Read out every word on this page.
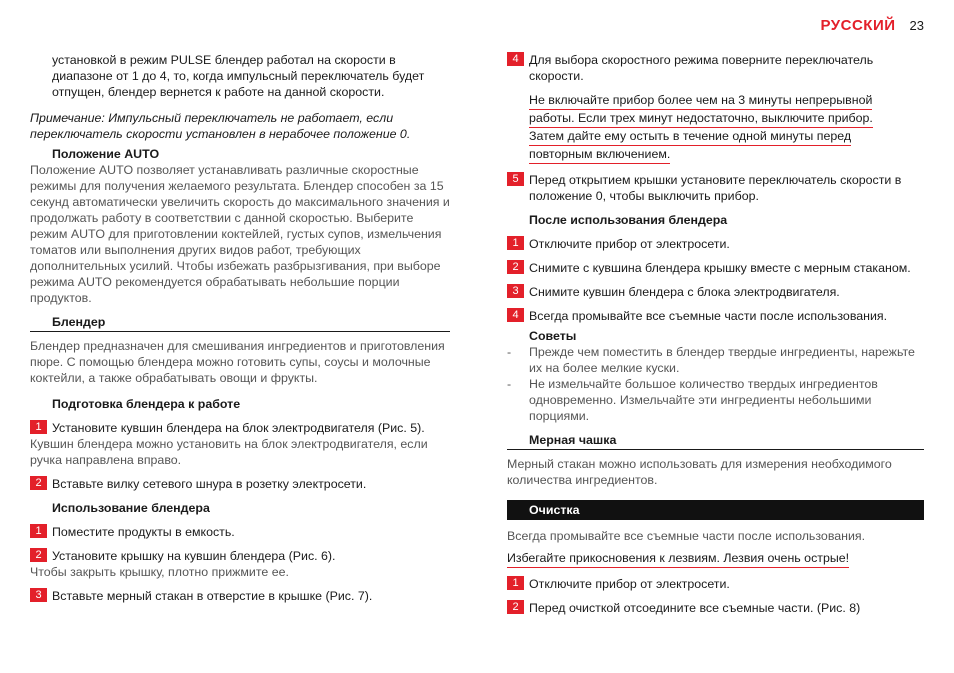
РУССКИЙ 23

установкой в режим PULSE блендер работал на скорости в диапазоне от 1 до 4, то, когда импульсный переключатель будет отпущен, блендер вернется к работе на данной скорости.

Примечание: Импульсный переключатель не работает, если переключатель скорости установлен в нерабочее положение 0.

Положение AUTO

Положение AUTO позволяет устанавливать различные скоростные режимы для получения желаемого результата. Блендер способен за 15 секунд автоматически увеличить скорость до максимального значения и продолжать работу в соответствии с данной скоростью. Выберите режим AUTO для приготовлении коктейлей, густых супов, измельчения томатов или выполнения других видов работ, требующих дополнительных усилий. Чтобы избежать разбрызгивания, при выборе режима AUTO рекомендуется обрабатывать небольшие порции продуктов.

Блендер

Блендер предназначен для смешивания ингредиентов и приготовления пюре. С помощью блендера можно готовить супы, соусы и молочные коктейли, а также обрабатывать овощи и фрукты.

Подготовка блендера к работе

1 Установите кувшин блендера на блок электродвигателя (Рис. 5).

Кувшин блендера можно установить на блок электродвигателя, если ручка направлена вправо.

2 Вставьте вилку сетевого шнура в розетку электросети.

Использование блендера

1 Поместите продукты в емкость.
2 Установите крышку на кувшин блендера (Рис. 6).

Чтобы закрыть крышку, плотно прижмите ее.

3 Вставьте мерный стакан в отверстие в крышке (Рис. 7).
4 Для выбора скоростного режима поверните переключатель скорости.
Не включайте прибор более чем на 3 минуты непрерывной
работы. Если трех минут недостаточно, выключите прибор.
Затем дайте ему остыть в течение одной минуты перед
повторным включением.
5 Перед открытием крышки установите переключатель скорости в положение 0, чтобы выключить прибор.

После использования блендера

1 Отключите прибор от электросети.
2 Снимите с кувшина блендера крышку вместе с мерным стаканом.
3 Снимите кувшин блендера с блока электродвигателя.
4 Всегда промывайте все съемные части после использования.

Советы

- Прежде чем поместить в блендер твердые ингредиенты, нарежьте их на более мелкие куски.
- Не измельчайте большое количество твердых ингредиентов одновременно. Измельчайте эти ингредиенты небольшими порциями.

Мерная чашка

Мерный стакан можно использовать для измерения необходимого количества ингредиентов.

Очистка

Всегда промывайте все съемные части после использования.

Избегайте прикосновения к лезвиям. Лезвия очень острые!

1 Отключите прибор от электросети.
2 Перед очисткой отсоедините все съемные части. (Рис. 8)
